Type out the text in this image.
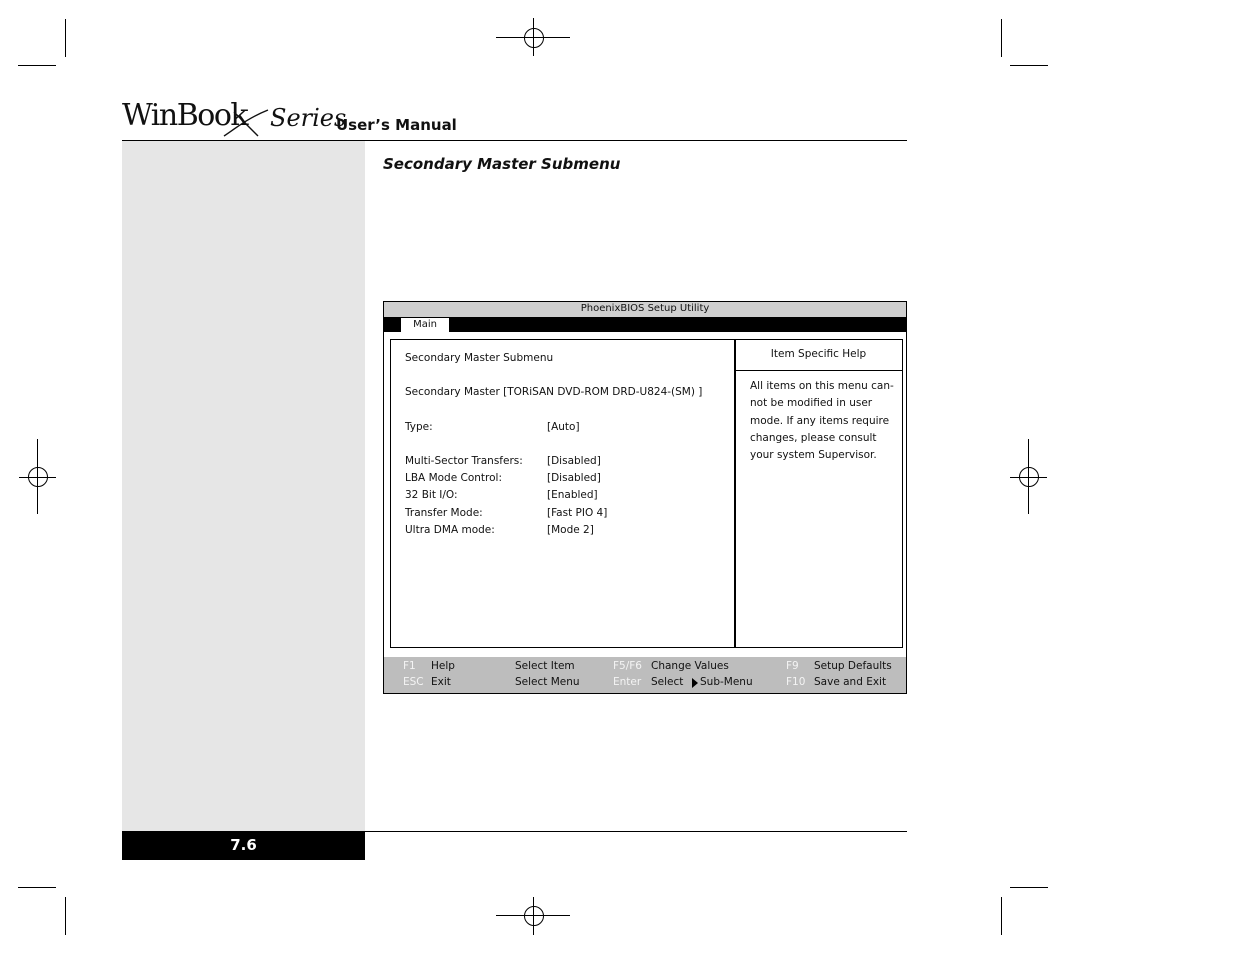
WinBook Series
User’s Manual
Secondary Master Submenu
PhoenixBIOS Setup Utility
Main
Secondary Master Submenu
Secondary Master [TORiSAN DVD-ROM DRD-U824-(SM) ]
Type:	[Auto]
Multi-Sector Transfers: [Disabled]
LBA Mode Control:	[Disabled]
32 Bit I/O:	[Enabled]
Transfer Mode:	[Fast PIO 4]
Ultra DMA mode:	[Mode 2]
Item Specific Help
All items on this menu can-
not be modified in user
mode. If any items require
changes, please consult
your system Supervisor.
F1 Help	Select Item	F5/F6 Change Values	F9 Setup Defaults
ESC Exit	Select Menu	Enter Select Sub-Menu	F10 Save and Exit
7.6
